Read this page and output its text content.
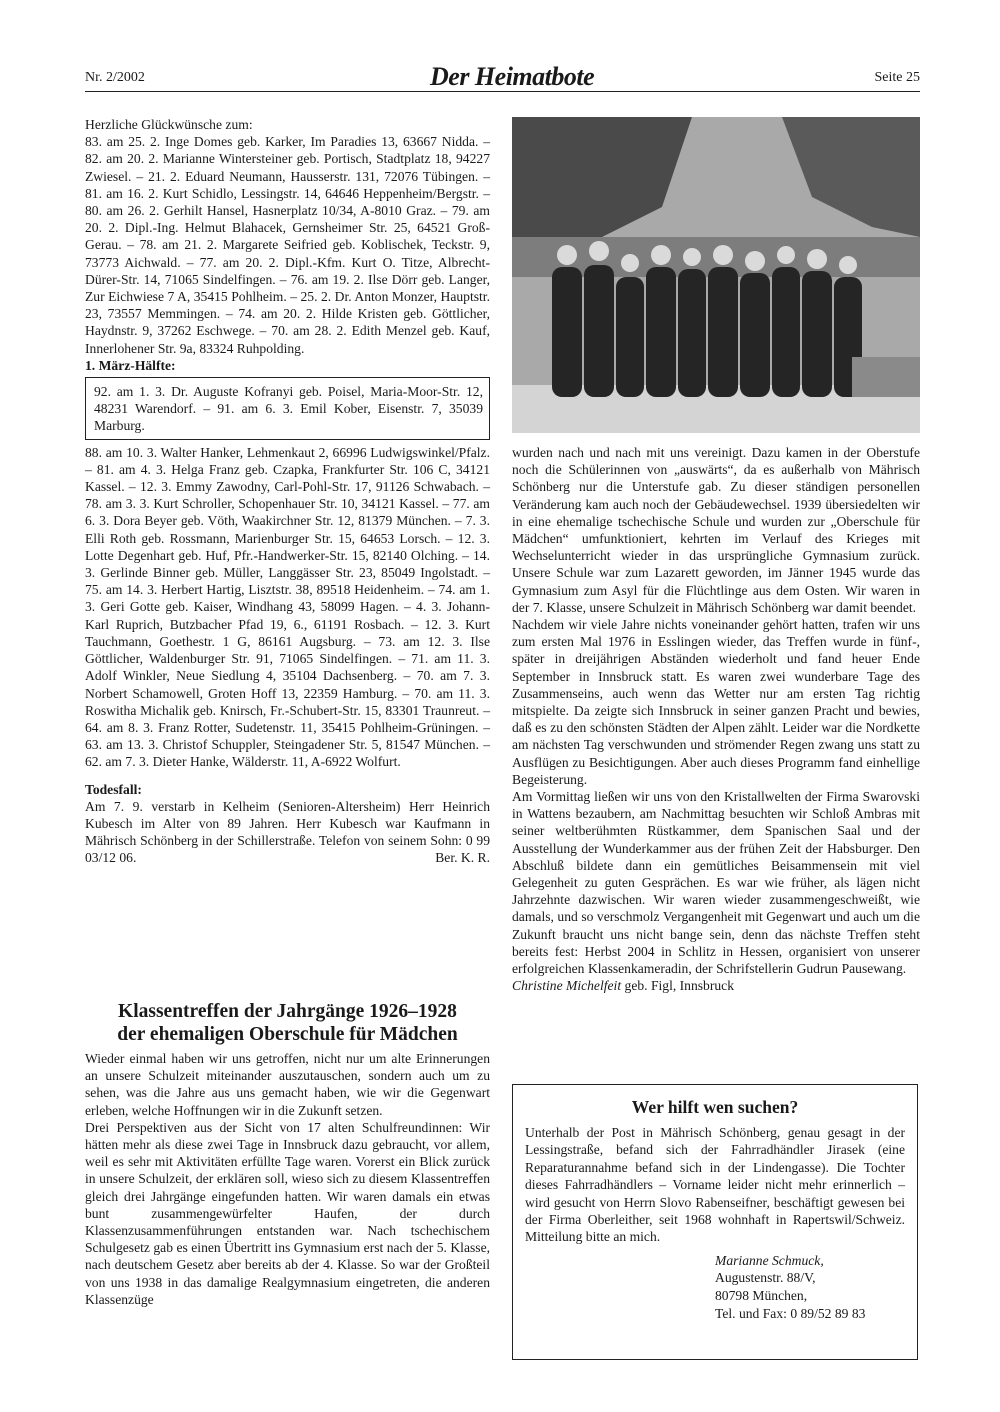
Nr. 2/2002	Der Heimatbote	Seite 25

Herzliche Glückwünsche zum:

83. am 25. 2. Inge Domes geb. Karker, Im Paradies 13, 63667 Nidda. – 82. am 20. 2. Marianne Wintersteiner geb. Portisch, Stadtplatz 18, 94227 Zwiesel. – 21. 2. Eduard Neumann, Hausserstr. 131, 72076 Tübingen. – 81. am 16. 2. Kurt Schidlo, Lessingstr. 14, 64646 Heppenheim/Bergstr. – 80. am 26. 2. Gerhilt Hansel, Hasnerplatz 10/34, A-8010 Graz. – 79. am 20. 2. Dipl.-Ing. Helmut Blahacek, Gernsheimer Str. 25, 64521 Groß-Gerau. – 78. am 21. 2. Margarete Seifried geb. Koblischek, Teckstr. 9, 73773 Aichwald. – 77. am 20. 2. Dipl.-Kfm. Kurt O. Titze, Albrecht-Dürer-Str. 14, 71065 Sindelfingen. – 76. am 19. 2. Ilse Dörr geb. Langer, Zur Eichwiese 7 A, 35415 Pohlheim. – 25. 2. Dr. Anton Monzer, Hauptstr. 23, 73557 Memmingen. – 74. am 20. 2. Hilde Kristen geb. Göttlicher, Haydnstr. 9, 37262 Eschwege. – 70. am 28. 2. Edith Menzel geb. Kauf, Innerlohener Str. 9a, 83324 Ruhpolding.

1. März-Hälfte:

92. am 1. 3. Dr. Auguste Kofranyi geb. Poisel, Maria-Moor-Str. 12, 48231 Warendorf. – 91. am 6. 3. Emil Kober, Eisenstr. 7, 35039 Marburg.

88. am 10. 3. Walter Hanker, Lehmenkaut 2, 66996 Ludwigswinkel/Pfalz. – 81. am 4. 3. Helga Franz geb. Czapka, Frankfurter Str. 106 C, 34121 Kassel. – 12. 3. Emmy Zawodny, Carl-Pohl-Str. 17, 91126 Schwabach. – 78. am 3. 3. Kurt Schroller, Schopenhauer Str. 10, 34121 Kassel. – 77. am 6. 3. Dora Beyer geb. Vöth, Waakirchner Str. 12, 81379 München. – 7. 3. Elli Roth geb. Rossmann, Marienburger Str. 15, 64653 Lorsch. – 12. 3. Lotte Degenhart geb. Huf, Pfr.-Handwerker-Str. 15, 82140 Olching. – 14. 3. Gerlinde Binner geb. Müller, Langgässer Str. 23, 85049 Ingolstadt. – 75. am 14. 3. Herbert Hartig, Lisztstr. 38, 89518 Heidenheim. – 74. am 1. 3. Geri Gotte geb. Kaiser, Windhang 43, 58099 Hagen. – 4. 3. Johann-Karl Ruprich, Butzbacher Pfad 19, 6., 61191 Rosbach. – 12. 3. Kurt Tauchmann, Goethestr. 1 G, 86161 Augsburg. – 73. am 12. 3. Ilse Göttlicher, Waldenburger Str. 91, 71065 Sindelfingen. – 71. am 11. 3. Adolf Winkler, Neue Siedlung 4, 35104 Dachsenberg. – 70. am 7. 3. Norbert Schamowell, Groten Hoff 13, 22359 Hamburg. – 70. am 11. 3. Roswitha Michalik geb. Knirsch, Fr.-Schubert-Str. 15, 83301 Traunreut. – 64. am 8. 3. Franz Rotter, Sudetenstr. 11, 35415 Pohlheim-Grüningen. – 63. am 13. 3. Christof Schuppler, Steingadener Str. 5, 81547 München. – 62. am 7. 3. Dieter Hanke, Wälderstr. 11, A-6922 Wolfurt.

Todesfall:

Am 7. 9. verstarb in Kelheim (Senioren-Altersheim) Herr Heinrich Kubesch im Alter von 89 Jahren. Herr Kubesch war Kaufmann in Mährisch Schönberg in der Schillerstraße. Telefon von seinem Sohn: 0 99 03/12 06.	Ber. K. R.

wurden nach und nach mit uns vereinigt. Dazu kamen in der Oberstufe noch die Schülerinnen von „auswärts“, da es außerhalb von Mährisch Schönberg nur die Unterstufe gab. Zu dieser ständigen personellen Veränderung kam auch noch der Gebäudewechsel. 1939 übersiedelten wir in eine ehemalige tschechische Schule und wurden zur „Oberschule für Mädchen“ umfunktioniert, kehrten im Verlauf des Krieges mit Wechselunterricht wieder in das ursprüngliche Gymnasium zurück. Unsere Schule war zum Lazarett geworden, im Jänner 1945 wurde das Gymnasium zum Asyl für die Flüchtlinge aus dem Osten. Wir waren in der 7. Klasse, unsere Schulzeit in Mährisch Schönberg war damit beendet.

Nachdem wir viele Jahre nichts voneinander gehört hatten, trafen wir uns zum ersten Mal 1976 in Esslingen wieder, das Treffen wurde in fünf-, später in dreijährigen Abständen wiederholt und fand heuer Ende September in Innsbruck statt. Es waren zwei wunderbare Tage des Zusammenseins, auch wenn das Wetter nur am ersten Tag richtig mitspielte. Da zeigte sich Innsbruck in seiner ganzen Pracht und bewies, daß es zu den schönsten Städten der Alpen zählt. Leider war die Nordkette am nächsten Tag verschwunden und strömender Regen zwang uns statt zu Ausflügen zu Besichtigungen. Aber auch dieses Programm fand einhellige Begeisterung.

Am Vormittag ließen wir uns von den Kristallwelten der Firma Swarovski in Wattens bezaubern, am Nachmittag besuchten wir Schloß Ambras mit seiner weltberühmten Rüstkammer, dem Spanischen Saal und der Ausstellung der Wunderkammer aus der frühen Zeit der Habsburger. Den Abschluß bildete dann ein gemütliches Beisammensein mit viel Gelegenheit zu guten Gesprächen. Es war wie früher, als lägen nicht Jahrzehnte dazwischen. Wir waren wieder zusammengeschweißt, wie damals, und so verschmolz Vergangenheit mit Gegenwart und auch um die Zukunft braucht uns nicht bange sein, denn das nächste Treffen steht bereits fest: Herbst 2004 in Schlitz in Hessen, organisiert von unserer erfolgreichen Klassenkameradin, der Schrifstellerin Gudrun Pausewang.     Christine Michelfeit geb. Figl, Innsbruck

Klassentreffen der Jahrgänge 1926–1928
der ehemaligen Oberschule für Mädchen

Wieder einmal haben wir uns getroffen, nicht nur um alte Erinnerungen an unsere Schulzeit miteinander auszutauschen, sondern auch um zu sehen, was die Jahre aus uns gemacht haben, wie wir die Gegenwart erleben, welche Hoffnungen wir in die Zukunft setzen.

Drei Perspektiven aus der Sicht von 17 alten Schulfreundinnen: Wir hätten mehr als diese zwei Tage in Innsbruck dazu gebraucht, vor allem, weil es sehr mit Aktivitäten erfüllte Tage waren. Vorerst ein Blick zurück in unsere Schulzeit, der erklären soll, wieso sich zu diesem Klassentreffen gleich drei Jahrgänge eingefunden hatten. Wir waren damals ein etwas bunt zusammengewürfelter Haufen, der durch Klassenzusammenführungen entstanden war. Nach tschechischem Schulgesetz gab es einen Übertritt ins Gymnasium erst nach der 5. Klasse, nach deutschem Gesetz aber bereits ab der 4. Klasse. So war der Großteil von uns 1938 in das damalige Realgymnasium eingetreten, die anderen Klassenzüge

Wer hilft wen suchen?

Unterhalb der Post in Mährisch Schönberg, genau gesagt in der Lessingstraße, befand sich der Fahrradhändler Jirasek (eine Reparaturannahme befand sich in der Lindengasse). Die Tochter dieses Fahrradhändlers – Vorname leider nicht mehr erinnerlich – wird gesucht von Herrn Slovo Rabenseifner, beschäftigt gewesen bei der Firma Oberleither, seit 1968 wohnhaft in Rapertswil/Schweiz. Mitteilung bitte an mich.

Marianne Schmuck,
Augustenstr. 88/V,
80798 München,
Tel. und Fax: 0 89/52 89 83
